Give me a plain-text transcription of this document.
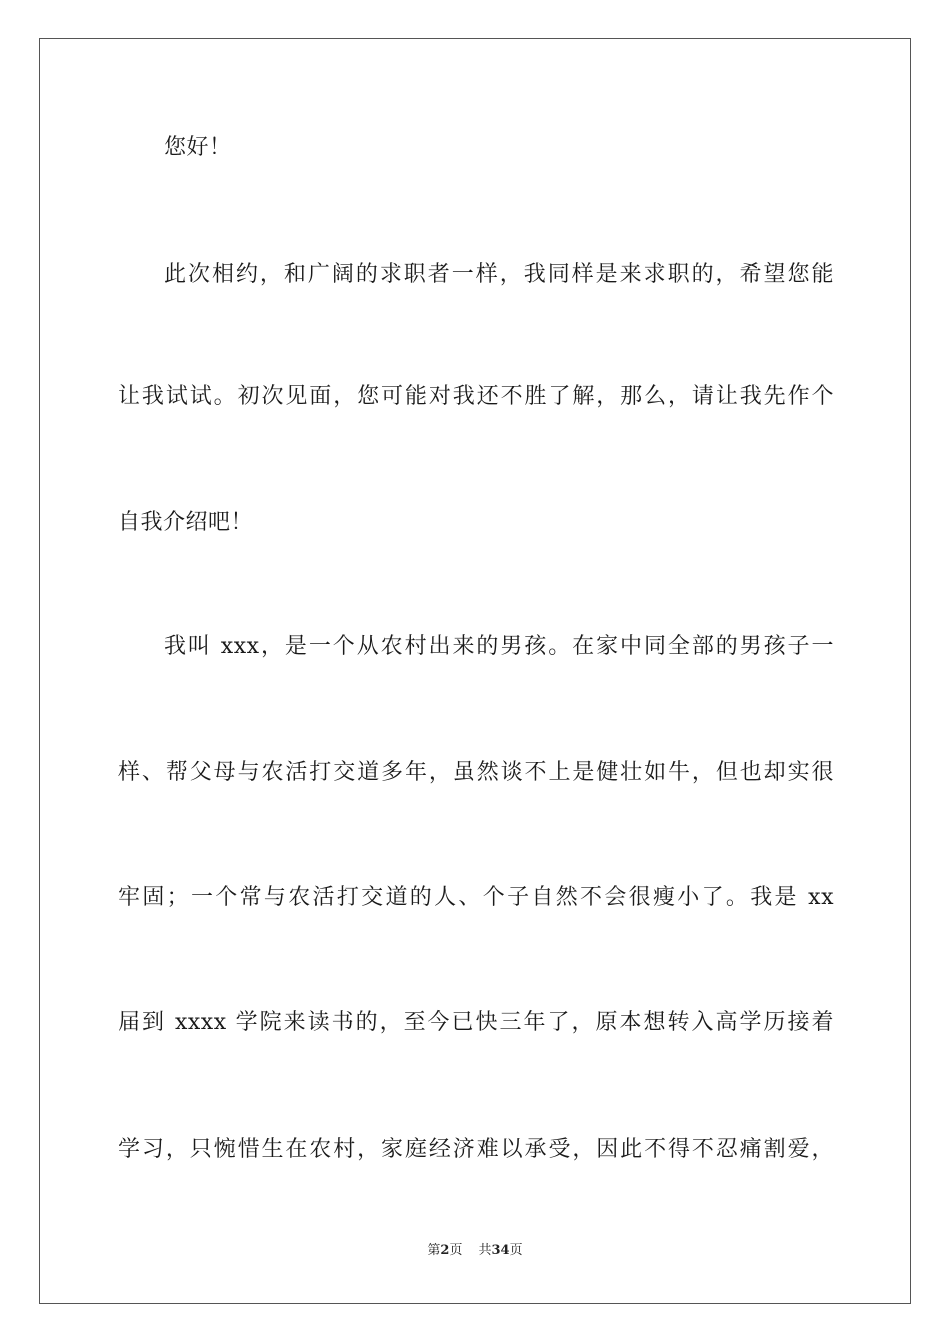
您好！
此次相约，和广阔的求职者一样，我同样是来求职的，希望您能
让我试试。初次见面，您可能对我还不胜了解，那么，请让我先作个
自我介绍吧！
我叫 xxx，是一个从农村出来的男孩。在家中同全部的男孩子一
样、帮父母与农活打交道多年，虽然谈不上是健壮如牛，但也却实很
牢固；一个常与农活打交道的人、个子自然不会很瘦小了。我是 xx
届到 xxxx 学院来读书的，至今已快三年了，原本想转入高学历接着
学习，只惋惜生在农村，家庭经济难以承受，因此不得不忍痛割爱，
第2页 共34页
